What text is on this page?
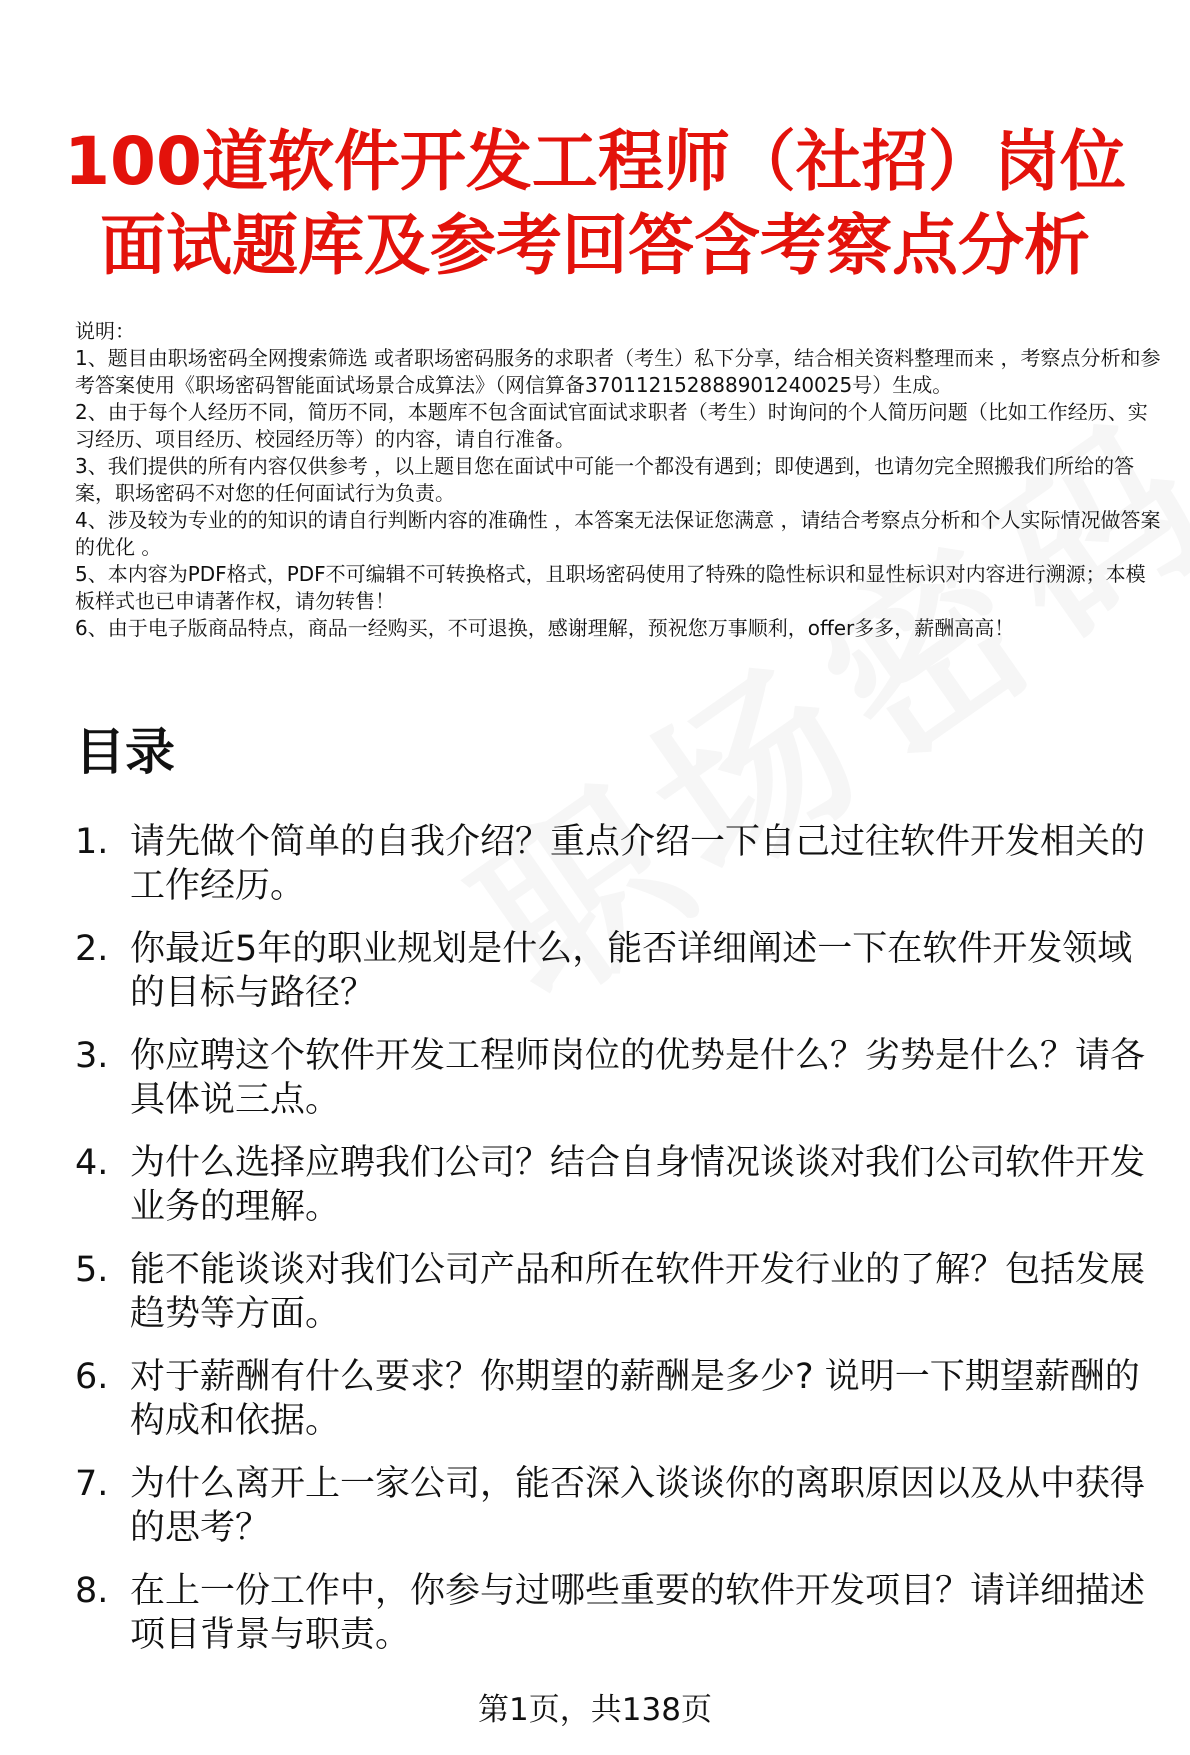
100道软件开发工程师（社招）岗位
面试题库及参考回答含考察点分析

说明：

1、题目由职场密码全网搜索筛选 或者职场密码服务的求职者（考生）私下分享，结合相关资料整理而来 ，考察点分析和参考答案使用《职场密码智能面试场景合成算法》（网信算备370112152888901240025号）生成。

2、由于每个人经历不同，简历不同，本题库不包含面试官面试求职者（考生）时询问的个人简历问题（比如工作经历、实习经历、项目经历、校园经历等）的内容，请自行准备。

3、我们提供的所有内容仅供参考 ，以上题目您在面试中可能一个都没有遇到；即使遇到，也请勿完全照搬我们所给的答案，职场密码不对您的任何面试行为负责。

4、涉及较为专业的的知识的请自行判断内容的准确性 ，本答案无法保证您满意 ，请结合考察点分析和个人实际情况做答案的优化 。

5、本内容为PDF格式，PDF不可编辑不可转换格式，且职场密码使用了特殊的隐性标识和显性标识对内容进行溯源；本模板样式也已申请著作权，请勿转售！

6、由于电子版商品特点，商品一经购买，不可退换，感谢理解，预祝您万事顺利，offer多多，薪酬高高！

目录
1. 请先做个简单的自我介绍？重点介绍一下自己过往软件开发相关的工作经历。
2. 你最近5年的职业规划是什么，能否详细阐述一下在软件开发领域的目标与路径？
3. 你应聘这个软件开发工程师岗位的优势是什么？劣势是什么？请各具体说三点。
4. 为什么选择应聘我们公司？结合自身情况谈谈对我们公司软件开发业务的理解。
5. 能不能谈谈对我们公司产品和所在软件开发行业的了解？包括发展趋势等方面。
6. 对于薪酬有什么要求？你期望的薪酬是多少? 说明一下期望薪酬的构成和依据。
7. 为什么离开上一家公司，能否深入谈谈你的离职原因以及从中获得的思考？
8. 在上一份工作中，你参与过哪些重要的软件开发项目？请详细描述项目背景与职责。
第1页，共138页
